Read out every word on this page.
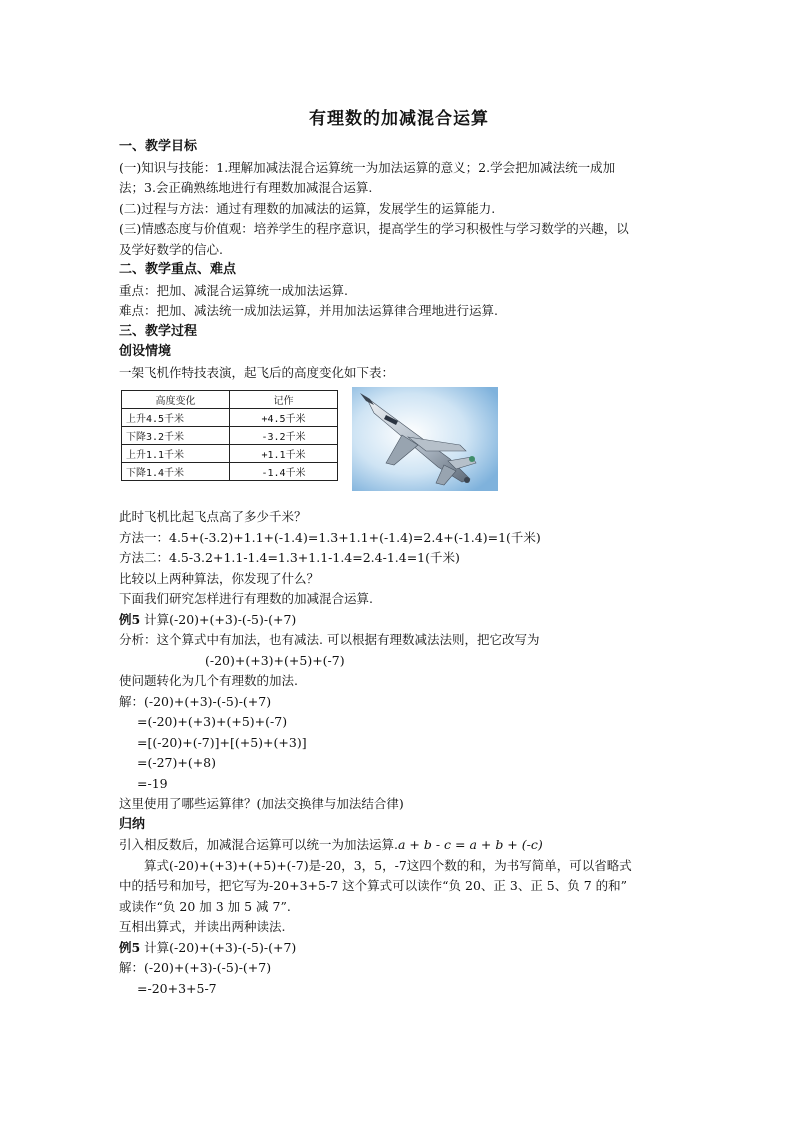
有理数的加减混合运算
一、教学目标
(一)知识与技能：1.理解加减法混合运算统一为加法运算的意义；2.学会把加减法统一成加
法；3.会正确熟练地进行有理数加减混合运算.
(二)过程与方法：通过有理数的加减法的运算，发展学生的运算能力.
(三)情感态度与价值观：培养学生的程序意识，提高学生的学习积极性与学习数学的兴趣，以
及学好数学的信心.
二、教学重点、难点
重点：把加、减混合运算统一成加法运算.
难点：把加、减法统一成加法运算，并用加法运算律合理地进行运算.
三、教学过程
创设情境
一架飞机作特技表演，起飞后的高度变化如下表：
高度变化	记作
上升4.5千米	+4.5千米
下降3.2千米	-3.2千米
上升1.1千米	+1.1千米
下降1.4千米	-1.4千米
此时飞机比起飞点高了多少千米？
方法一：4.5+(-3.2)+1.1+(-1.4)=1.3+1.1+(-1.4)=2.4+(-1.4)=1(千米)
方法二：4.5-3.2+1.1-1.4=1.3+1.1-1.4=2.4-1.4=1(千米)
比较以上两种算法，你发现了什么？
下面我们研究怎样进行有理数的加减混合运算.
例5 计算(-20)+(+3)-(-5)-(+7)
分析：这个算式中有加法，也有减法. 可以根据有理数减法法则，把它改写为
(-20)+(+3)+(+5)+(-7)
使问题转化为几个有理数的加法.
解：(-20)+(+3)-(-5)-(+7)
=(-20)+(+3)+(+5)+(-7)
=[(-20)+(-7)]+[(+5)+(+3)]
=(-27)+(+8)
=-19
这里使用了哪些运算律？(加法交换律与加法结合律)
归纳
引入相反数后，加减混合运算可以统一为加法运算.a + b - c = a + b + (-c)
算式(-20)+(+3)+(+5)+(-7)是-20，3，5，-7这四个数的和，为书写简单，可以省略式
中的括号和加号，把它写为-20+3+5-7 这个算式可以读作“负 20、正 3、正 5、负 7 的和”
或读作“负 20 加 3 加 5 减 7”.
互相出算式，并读出两种读法.
例5 计算(-20)+(+3)-(-5)-(+7)
解：(-20)+(+3)-(-5)-(+7)
=-20+3+5-7
